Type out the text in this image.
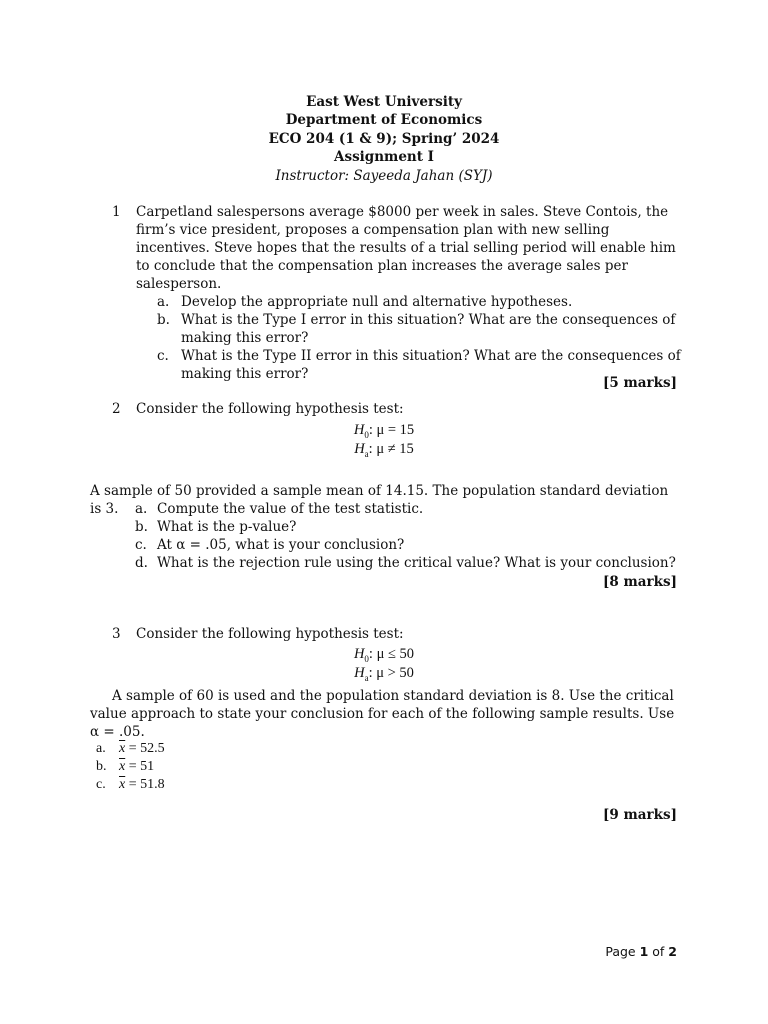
East West University
Department of Economics
ECO 204 (1 & 9); Spring’ 2024
Assignment I
Instructor: Sayeeda Jahan (SYJ)
1 Carpetland salespersons average $8000 per week in sales. Steve Contois, the firm’s vice president, proposes a compensation plan with new selling incentives. Steve hopes that the results of a trial selling period will enable him to conclude that the compensation plan increases the average sales per salesperson.
a. Develop the appropriate null and alternative hypotheses.
b. What is the Type I error in this situation? What are the consequences of making this error?
c. What is the Type II error in this situation? What are the consequences of making this error?
[5 marks]
2 Consider the following hypothesis test:
$H_0$: μ = 15
$H_a$: μ ≠ 15
A sample of 50 provided a sample mean of 14.15. The population standard deviation is 3.	a. Compute the value of the test statistic.
b. What is the p-value?
c. At α = .05, what is your conclusion?
d. What is the rejection rule using the critical value? What is your conclusion?
[8 marks]
3 Consider the following hypothesis test:
$H_0$: μ ≤ 50
$H_a$: μ > 50
A sample of 60 is used and the population standard deviation is 8. Use the critical value approach to state your conclusion for each of the following sample results. Use α = .05.
a. $\overline{x} = 52.5$
b. $\overline{x} = 51$
c. $\overline{x} = 51.8$
[9 marks]
Page 1 of 2
